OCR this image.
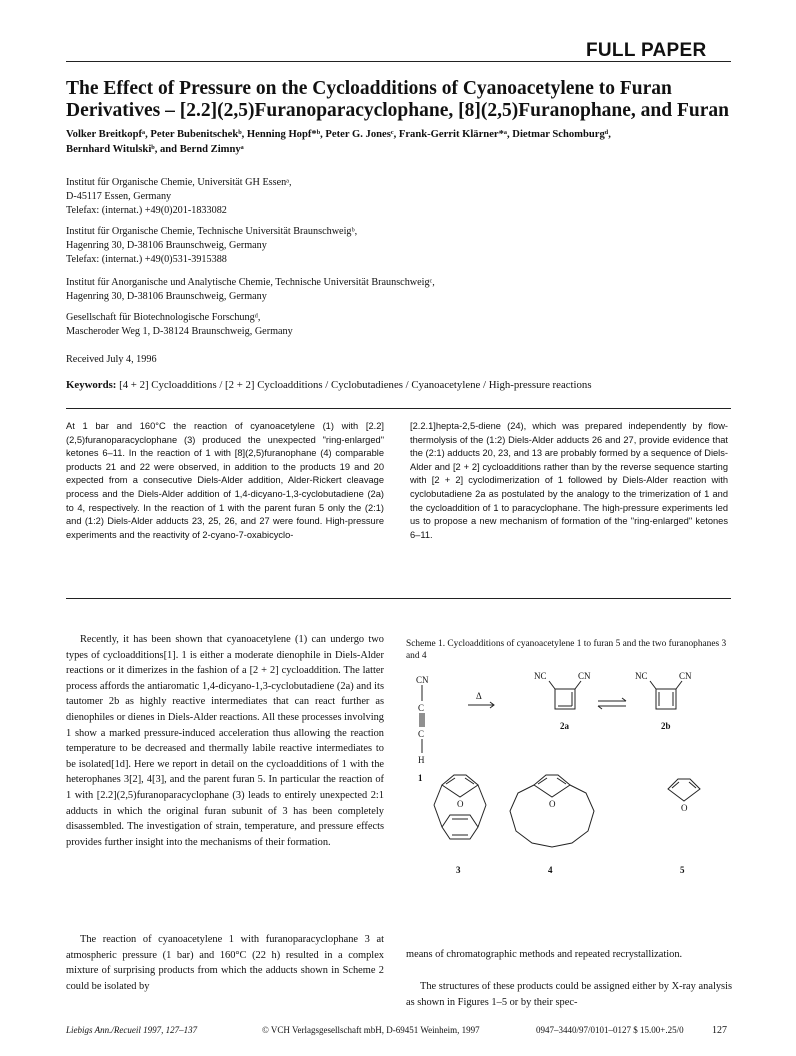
FULL PAPER
The Effect of Pressure on the Cycloadditions of Cyanoacetylene to Furan
Derivatives – [2.2](2,5)Furanoparacyclophane, [8](2,5)Furanophane, and Furan
Volker Breitkopfᵃ, Peter Bubenitschekᵇ, Henning Hopf*ᵇ, Peter G. Jonesᶜ, Frank-Gerrit Klärner*ᵃ, Dietmar Schomburgᵈ,
Bernhard Witulskiᵇ, and Bernd Zimnyᵃ
Institut für Organische Chemie, Universität GH Essenᵃ,
D-45117 Essen, Germany
Telefax: (internat.) +49(0)201-1833082
Institut für Organische Chemie, Technische Universität Braunschweigᵇ,
Hagenring 30, D-38106 Braunschweig, Germany
Telefax: (internat.) +49(0)531-3915388
Institut für Anorganische und Analytische Chemie, Technische Universität Braunschweigᶜ,
Hagenring 30, D-38106 Braunschweig, Germany
Gesellschaft für Biotechnologische Forschungᵈ,
Mascheroder Weg 1, D-38124 Braunschweig, Germany
Received July 4, 1996
Keywords: [4 + 2] Cycloadditions / [2 + 2] Cycloadditions / Cyclobutadienes / Cyanoacetylene / High-pressure reactions
At 1 bar and 160°C the reaction of cyanoacetylene (1) with [2.2](2,5)furanoparacyclophane (3) produced the unexpected "ring-enlarged" ketones 6–11. In the reaction of 1 with [8](2,5)furanophane (4) comparable products 21 and 22 were observed, in addition to the products 19 and 20 expected from a consecutive Diels-Alder addition, Alder-Rickert cleavage process and the Diels-Alder addition of 1,4-dicyano-1,3-cyclobutadiene (2a) to 4, respectively. In the reaction of 1 with the parent furan 5 only the (2:1) and (1:2) Diels-Alder adducts 23, 25, 26, and 27 were found. High-pressure experiments and the reactivity of 2-cyano-7-oxabicyclo-
[2.2.1]hepta-2,5-diene (24), which was prepared independently by flow-thermolysis of the (1:2) Diels-Alder adducts 26 and 27, provide evidence that the (2:1) adducts 20, 23, and 13 are probably formed by a sequence of Diels-Alder and [2 + 2] cycloadditions rather than by the reverse sequence starting with [2 + 2] cyclodimerization of 1 followed by Diels-Alder reaction with cyclobutadiene 2a as postulated by the analogy to the trimerization of 1 and the cycloaddition of 1 to paracyclophane. The high-pressure experiments led us to propose a new mechanism of formation of the "ring-enlarged" ketones 6–11.
Recently, it has been shown that cyanoacetylene (1) can undergo two types of cycloadditions[1]. 1 is either a moderate dienophile in Diels-Alder reactions or it dimerizes in the fashion of a [2 + 2] cycloaddition. The latter process affords the antiaromatic 1,4-dicyano-1,3-cyclobutadiene (2a) and its tautomer 2b as highly reactive intermediates that can react further as dienophiles or dienes in Diels-Alder reactions. All these processes involving 1 show a marked pressure-induced acceleration thus allowing the reaction temperature to be decreased and thermally labile reactive intermediates to be isolated[1d]. Here we report in detail on the cycloadditions of 1 with the heterophanes 3[2], 4[3], and the parent furan 5. In particular the reaction of 1 with [2.2](2,5)furanoparacyclophane (3) leads to entirely unexpected 2:1 adducts in which the original furan subunit of 3 has been completely disassembled. The investigation of strain, temperature, and pressure effects provides further insight into the mechanisms of their formation.
The reaction of cyanoacetylene 1 with furanoparacyclophane 3 at atmospheric pressure (1 bar) and 160°C (22 h) resulted in a complex mixture of surprising products from which the adducts shown in Scheme 2 could be isolated by
means of chromatographic methods and repeated recrystallization.
The structures of these products could be assigned either by X-ray analysis as shown in Figures 1–5 or by their spec-
Scheme 1. Cycloadditions of cyanoacetylene 1 to furan 5 and the two furanophanes 3 and 4
CN
C
C
H
Δ
NC	CN	NC	CN
O	O	O
1
2a	2b
3	4	5
Liebigs Ann./Recueil 1997, 127–137	© VCH Verlagsgesellschaft mbH, D-69451 Weinheim, 1997	0947–3440/97/0101–0127 $ 15.00+.25/0	127
